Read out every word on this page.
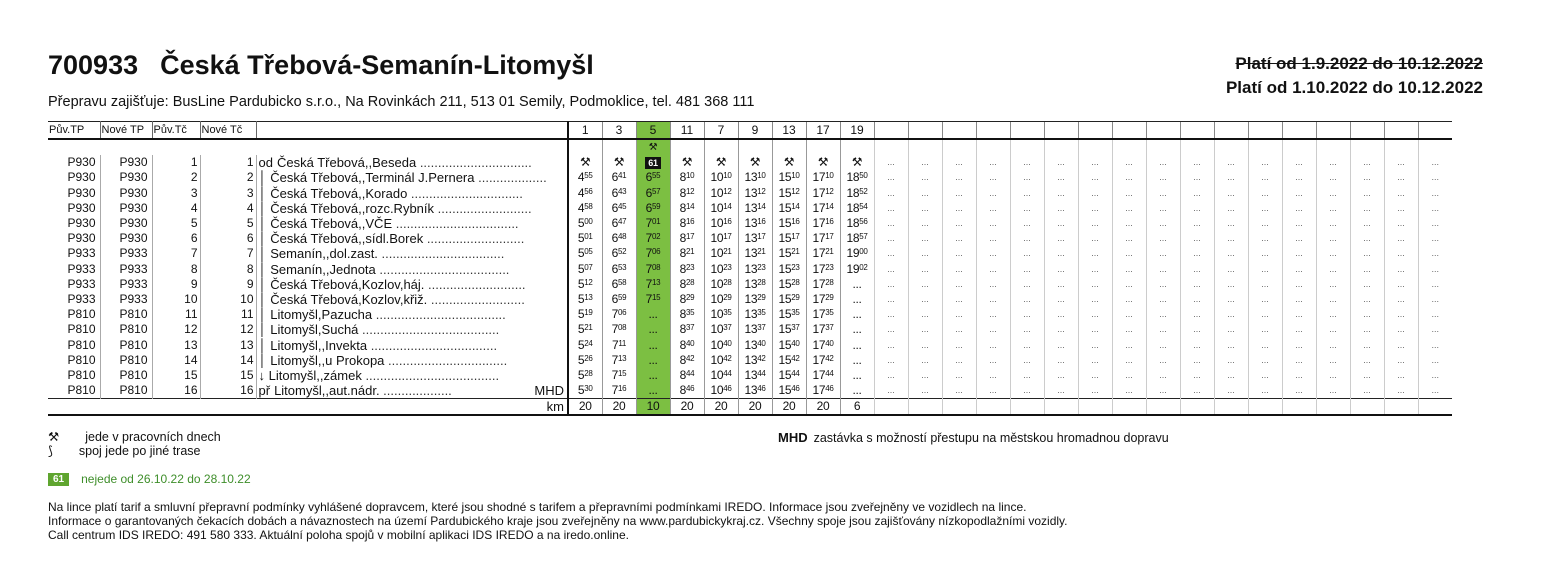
700933 Česká Třebová-Semanín-Litomyšl	Platí od 1.9.2022 do 10.12.2022
Platí od 1.10.2022 do 10.12.2022
Přepravu zajišťuje: BusLine Pardubicko s.r.o., Na Rovinkách 211, 513 01 Semily, Podmoklice, tel. 481 368 111
Pův.TP	Nové TP	Pův.Tč	Nové Tč		1	3	5	11	7	9	13	17	19																	
							⚒																							
P930	P930	1	1	od Česká Třebová,,Beseda ...............................	⚒	⚒	61	⚒	⚒	⚒	⚒	⚒	⚒	...	...	...	...	...	...	...	...	...	...	...	...	...	...	...	...	...
P930	P930	2	2	│ Česká Třebová,,Terminál J.Pernera ...................	$4^{55}$	$6^{41}$	$6^{55}$	$8^{10}$	$10^{10}$	$13^{10}$	$15^{10}$	$17^{10}$	$18^{50}$	...	...	...	...	...	...	...	...	...	...	...	...	...	...	...	...	...
P930	P930	3	3	│ Česká Třebová,,Korado ...............................	$4^{56}$	$6^{43}$	$6^{57}$	$8^{12}$	$10^{12}$	$13^{12}$	$15^{12}$	$17^{12}$	$18^{52}$	...	...	...	...	...	...	...	...	...	...	...	...	...	...	...	...	...
P930	P930	4	4	│ Česká Třebová,,rozc.Rybník ..........................	$4^{58}$	$6^{45}$	$6^{59}$	$8^{14}$	$10^{14}$	$13^{14}$	$15^{14}$	$17^{14}$	$18^{54}$	...	...	...	...	...	...	...	...	...	...	...	...	...	...	...	...	...
P930	P930	5	5	│ Česká Třebová,,VČE ..................................	$5^{00}$	$6^{47}$	$7^{01}$	$8^{16}$	$10^{16}$	$13^{16}$	$15^{16}$	$17^{16}$	$18^{56}$	...	...	...	...	...	...	...	...	...	...	...	...	...	...	...	...	...
P930	P930	6	6	│ Česká Třebová,,sídl.Borek ...........................	$5^{01}$	$6^{48}$	$7^{02}$	$8^{17}$	$10^{17}$	$13^{17}$	$15^{17}$	$17^{17}$	$18^{57}$	...	...	...	...	...	...	...	...	...	...	...	...	...	...	...	...	...
P933	P933	7	7	│ Semanín,,dol.zast. ..................................	$5^{05}$	$6^{52}$	$7^{06}$	$8^{21}$	$10^{21}$	$13^{21}$	$15^{21}$	$17^{21}$	$19^{00}$	...	...	...	...	...	...	...	...	...	...	...	...	...	...	...	...	...
P933	P933	8	8	│ Semanín,,Jednota ....................................	$5^{07}$	$6^{53}$	$7^{08}$	$8^{23}$	$10^{23}$	$13^{23}$	$15^{23}$	$17^{23}$	$19^{02}$	...	...	...	...	...	...	...	...	...	...	...	...	...	...	...	...	...
P933	P933	9	9	│ Česká Třebová,Kozlov,háj. ...........................	$5^{12}$	$6^{58}$	$7^{13}$	$8^{28}$	$10^{28}$	$13^{28}$	$15^{28}$	$17^{28}$	...	...	...	...	...	...	...	...	...	...	...	...	...	...	...	...	...	...
P933	P933	10	10	│ Česká Třebová,Kozlov,křiž. ..........................	$5^{13}$	$6^{59}$	$7^{15}$	$8^{29}$	$10^{29}$	$13^{29}$	$15^{29}$	$17^{29}$	...	...	...	...	...	...	...	...	...	...	...	...	...	...	...	...	...	...
P810	P810	11	11	│ Litomyšl,Pazucha ....................................	$5^{19}$	$7^{06}$	...	$8^{35}$	$10^{35}$	$13^{35}$	$15^{35}$	$17^{35}$	...	...	...	...	...	...	...	...	...	...	...	...	...	...	...	...	...	...
P810	P810	12	12	│ Litomyšl,Suchá ......................................	$5^{21}$	$7^{08}$	...	$8^{37}$	$10^{37}$	$13^{37}$	$15^{37}$	$17^{37}$	...	...	...	...	...	...	...	...	...	...	...	...	...	...	...	...	...	...
P810	P810	13	13	│ Litomyšl,,Invekta ...................................	$5^{24}$	$7^{11}$	...	$8^{40}$	$10^{40}$	$13^{40}$	$15^{40}$	$17^{40}$	...	...	...	...	...	...	...	...	...	...	...	...	...	...	...	...	...	...
P810	P810	14	14	│ Litomyšl,,u Prokopa .................................	$5^{26}$	$7^{13}$	...	$8^{42}$	$10^{42}$	$13^{42}$	$15^{42}$	$17^{42}$	...	...	...	...	...	...	...	...	...	...	...	...	...	...	...	...	...	...
P810	P810	15	15	↓ Litomyšl,,zámek .....................................	$5^{28}$	$7^{15}$	...	$8^{44}$	$10^{44}$	$13^{44}$	$15^{44}$	$17^{44}$	...	...	...	...	...	...	...	...	...	...	...	...	...	...	...	...	...	...
P810	P810	16	16	př Litomyšl,,aut.nádr. ................... MHD	$5^{30}$	$7^{16}$	...	$8^{46}$	$10^{46}$	$13^{46}$	$15^{46}$	$17^{46}$	...	...	...	...	...	...	...	...	...	...	...	...	...	...	...	...	...	...
				km	20	20	10	20	20	20	20	20	6																	
⚒ jede v pracovních dnech
⟆ spoj jede po jiné trase
MHD zastávka s možností přestupu na městskou hromadnou dopravu
61	nejede od 26.10.22 do 28.10.22
Na lince platí tarif a smluvní přepravní podmínky vyhlášené dopravcem, které jsou shodné s tarifem a přepravními podmínkami IREDO. Informace jsou zveřejněny ve vozidlech na lince.
Informace o garantovaných čekacích dobách a návaznostech na území Pardubického kraje jsou zveřejněny na www.pardubickykraj.cz. Všechny spoje jsou zajišťovány nízkopodlažními vozidly.
Call centrum IDS IREDO: 491 580 333. Aktuální poloha spojů v mobilní aplikaci IDS IREDO a na iredo.online.
